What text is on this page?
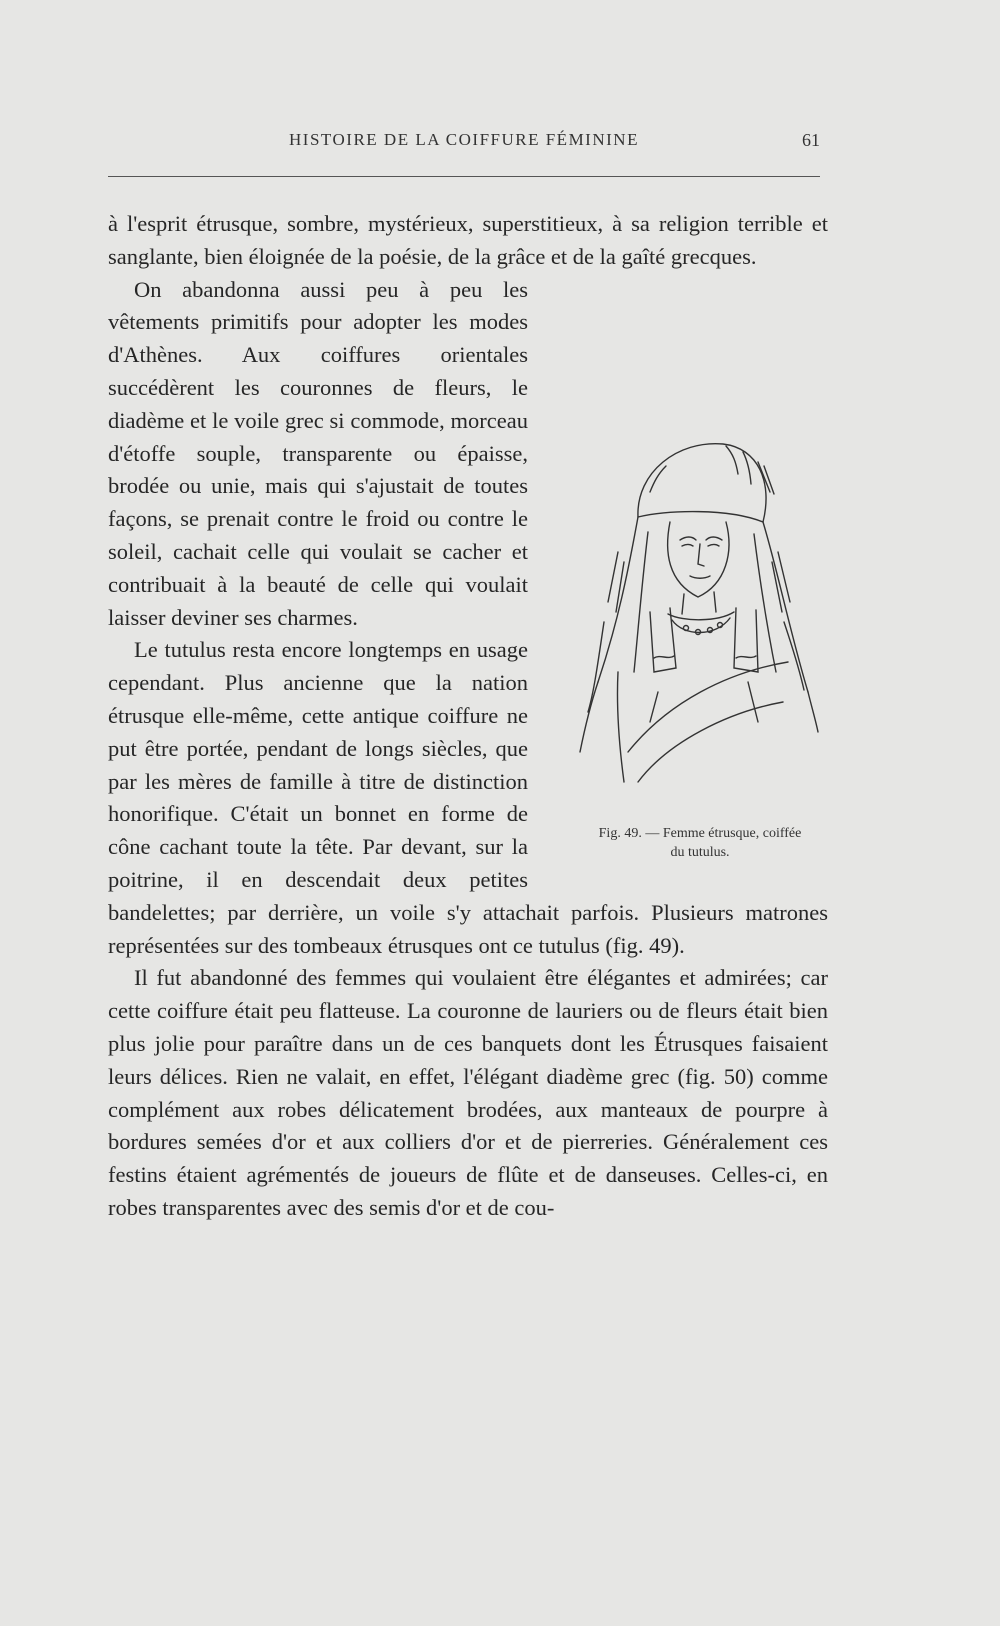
HISTOIRE DE LA COIFFURE FÉMININE	61

à l'esprit étrusque, sombre, mystérieux, superstitieux, à sa religion terrible et sanglante, bien éloignée de la poésie, de la grâce et de la gaîté grecques.

Fig. 49. — Femme étrusque, coiffée
du tutulus.
On abandonna aussi peu à peu les vêtements primitifs pour adopter les modes d'Athènes. Aux coiffures orientales succédèrent les couronnes de fleurs, le diadème et le voile grec si commode, morceau d'étoffe souple, transparente ou épaisse, brodée ou unie, mais qui s'ajustait de toutes façons, se prenait contre le froid ou contre le soleil, cachait celle qui voulait se cacher et contribuait à la beauté de celle qui voulait laisser deviner ses charmes.

Le tutulus resta encore longtemps en usage cependant. Plus ancienne que la nation étrusque elle-même, cette antique coiffure ne put être portée, pendant de longs siècles, que par les mères de famille à titre de distinction honorifique. C'était un bonnet en forme de cône cachant toute la tête. Par devant, sur la poitrine, il en descendait deux petites bandelettes; par derrière, un voile s'y attachait parfois. Plusieurs matrones représentées sur des tombeaux étrusques ont ce tutulus (fig. 49).

Il fut abandonné des femmes qui voulaient être élégantes et admirées; car cette coiffure était peu flatteuse. La couronne de lauriers ou de fleurs était bien plus jolie pour paraître dans un de ces banquets dont les Étrusques faisaient leurs délices. Rien ne valait, en effet, l'élégant diadème grec (fig. 50) comme complément aux robes délicatement brodées, aux manteaux de pourpre à bordures semées d'or et aux colliers d'or et de pierreries. Généralement ces festins étaient agrémentés de joueurs de flûte et de danseuses. Celles-ci, en robes transparentes avec des semis d'or et de cou-
